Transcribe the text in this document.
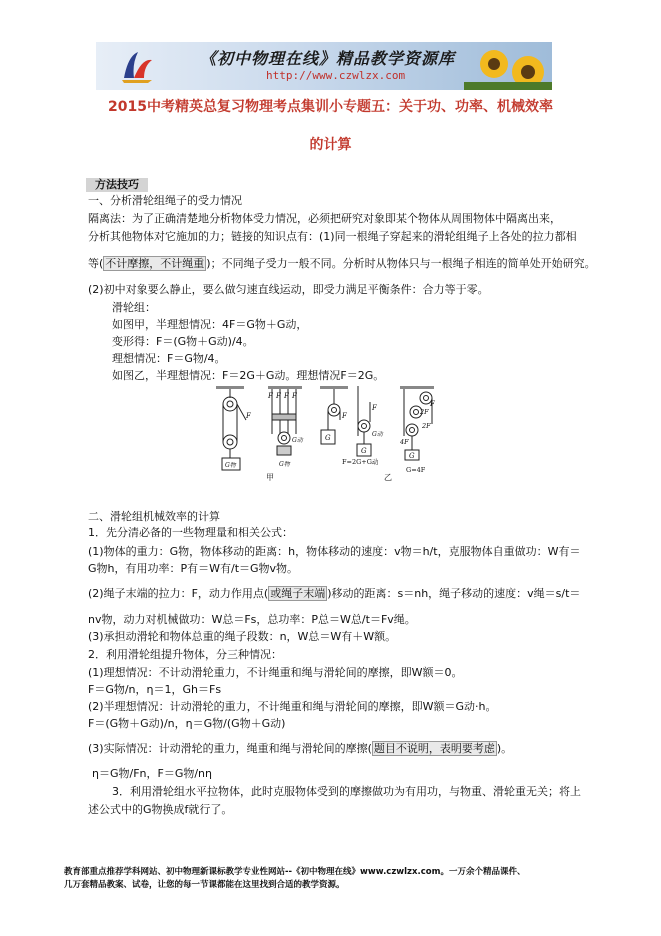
《初中物理在线》精品教学资源库
http://www.czwlzx.com
2015中考精英总复习物理考点集训小专题五：关于功、功率、机械效率
的计算
方法技巧
一、分析滑轮组绳子的受力情况
隔离法：为了正确清楚地分析物体受力情况，必须把研究对象即某个物体从周围物体中隔离出来，
分析其他物体对它施加的力；链接的知识点有：(1)同一根绳子穿起来的滑轮组绳子上各处的拉力都相
等( 不计摩擦，不计绳重 )；不同绳子受力一般不同。分析时从物体只与一根绳子相连的简单处开始研究。
(2)初中对象要么静止，要么做匀速直线运动，即受力满足平衡条件：合力等于零。
滑轮组：
如图甲，半理想情况：4F＝G物＋G动，
变形得：F＝(G物＋G动)/4。
理想情况：F＝G物/4。
如图乙，半理想情况：F＝2G＋G动。理想情况F＝2G。
F
F F F F
G物	G物
G动
F
G
F
G
G动
F=2G+G动
2F
2F
4F
F
G
G=4F
甲	乙
二、滑轮组机械效率的计算
1．先分清必备的一些物理量和相关公式：
(1)物体的重力：G物，物体移动的距离：h，物体移动的速度：v物＝h/t，克服物体自重做功：W有＝
G物h，有用功率：P有＝W有/t＝G物v物。
(2)绳子末端的拉力：F，动力作用点( 或绳子末端 )移动的距离：s＝nh，绳子移动的速度：v绳＝s/t＝
nv物，动力对机械做功：W总＝Fs，总功率：P总＝W总/t＝Fv绳。
(3)承担动滑轮和物体总重的绳子段数：n，W总＝W有＋W额。
2．利用滑轮组提升物体，分三种情况：
(1)理想情况：不计动滑轮重力，不计绳重和绳与滑轮间的摩擦，即W额＝0。
F＝G物/n，η＝1，Gh＝Fs
(2)半理想情况：计动滑轮的重力，不计绳重和绳与滑轮间的摩擦，即W额＝G动·h。
F＝(G物＋G动)/n，η＝G物/(G物＋G动)
(3)实际情况：计动滑轮的重力，绳重和绳与滑轮间的摩擦( 题目不说明，表明要考虑 )。
η＝G物/Fn，F＝G物/nη
3．利用滑轮组水平拉物体，此时克服物体受到的摩擦做功为有用功，与物重、滑轮重无关；将上
述公式中的G物换成f就行了。
教育部重点推荐学科网站、初中物理新课标教学专业性网站--《初中物理在线》www.czwlzx.com。一万余个精品课件、
几万套精品教案、试卷，让您的每一节课都能在这里找到合适的教学资源。
